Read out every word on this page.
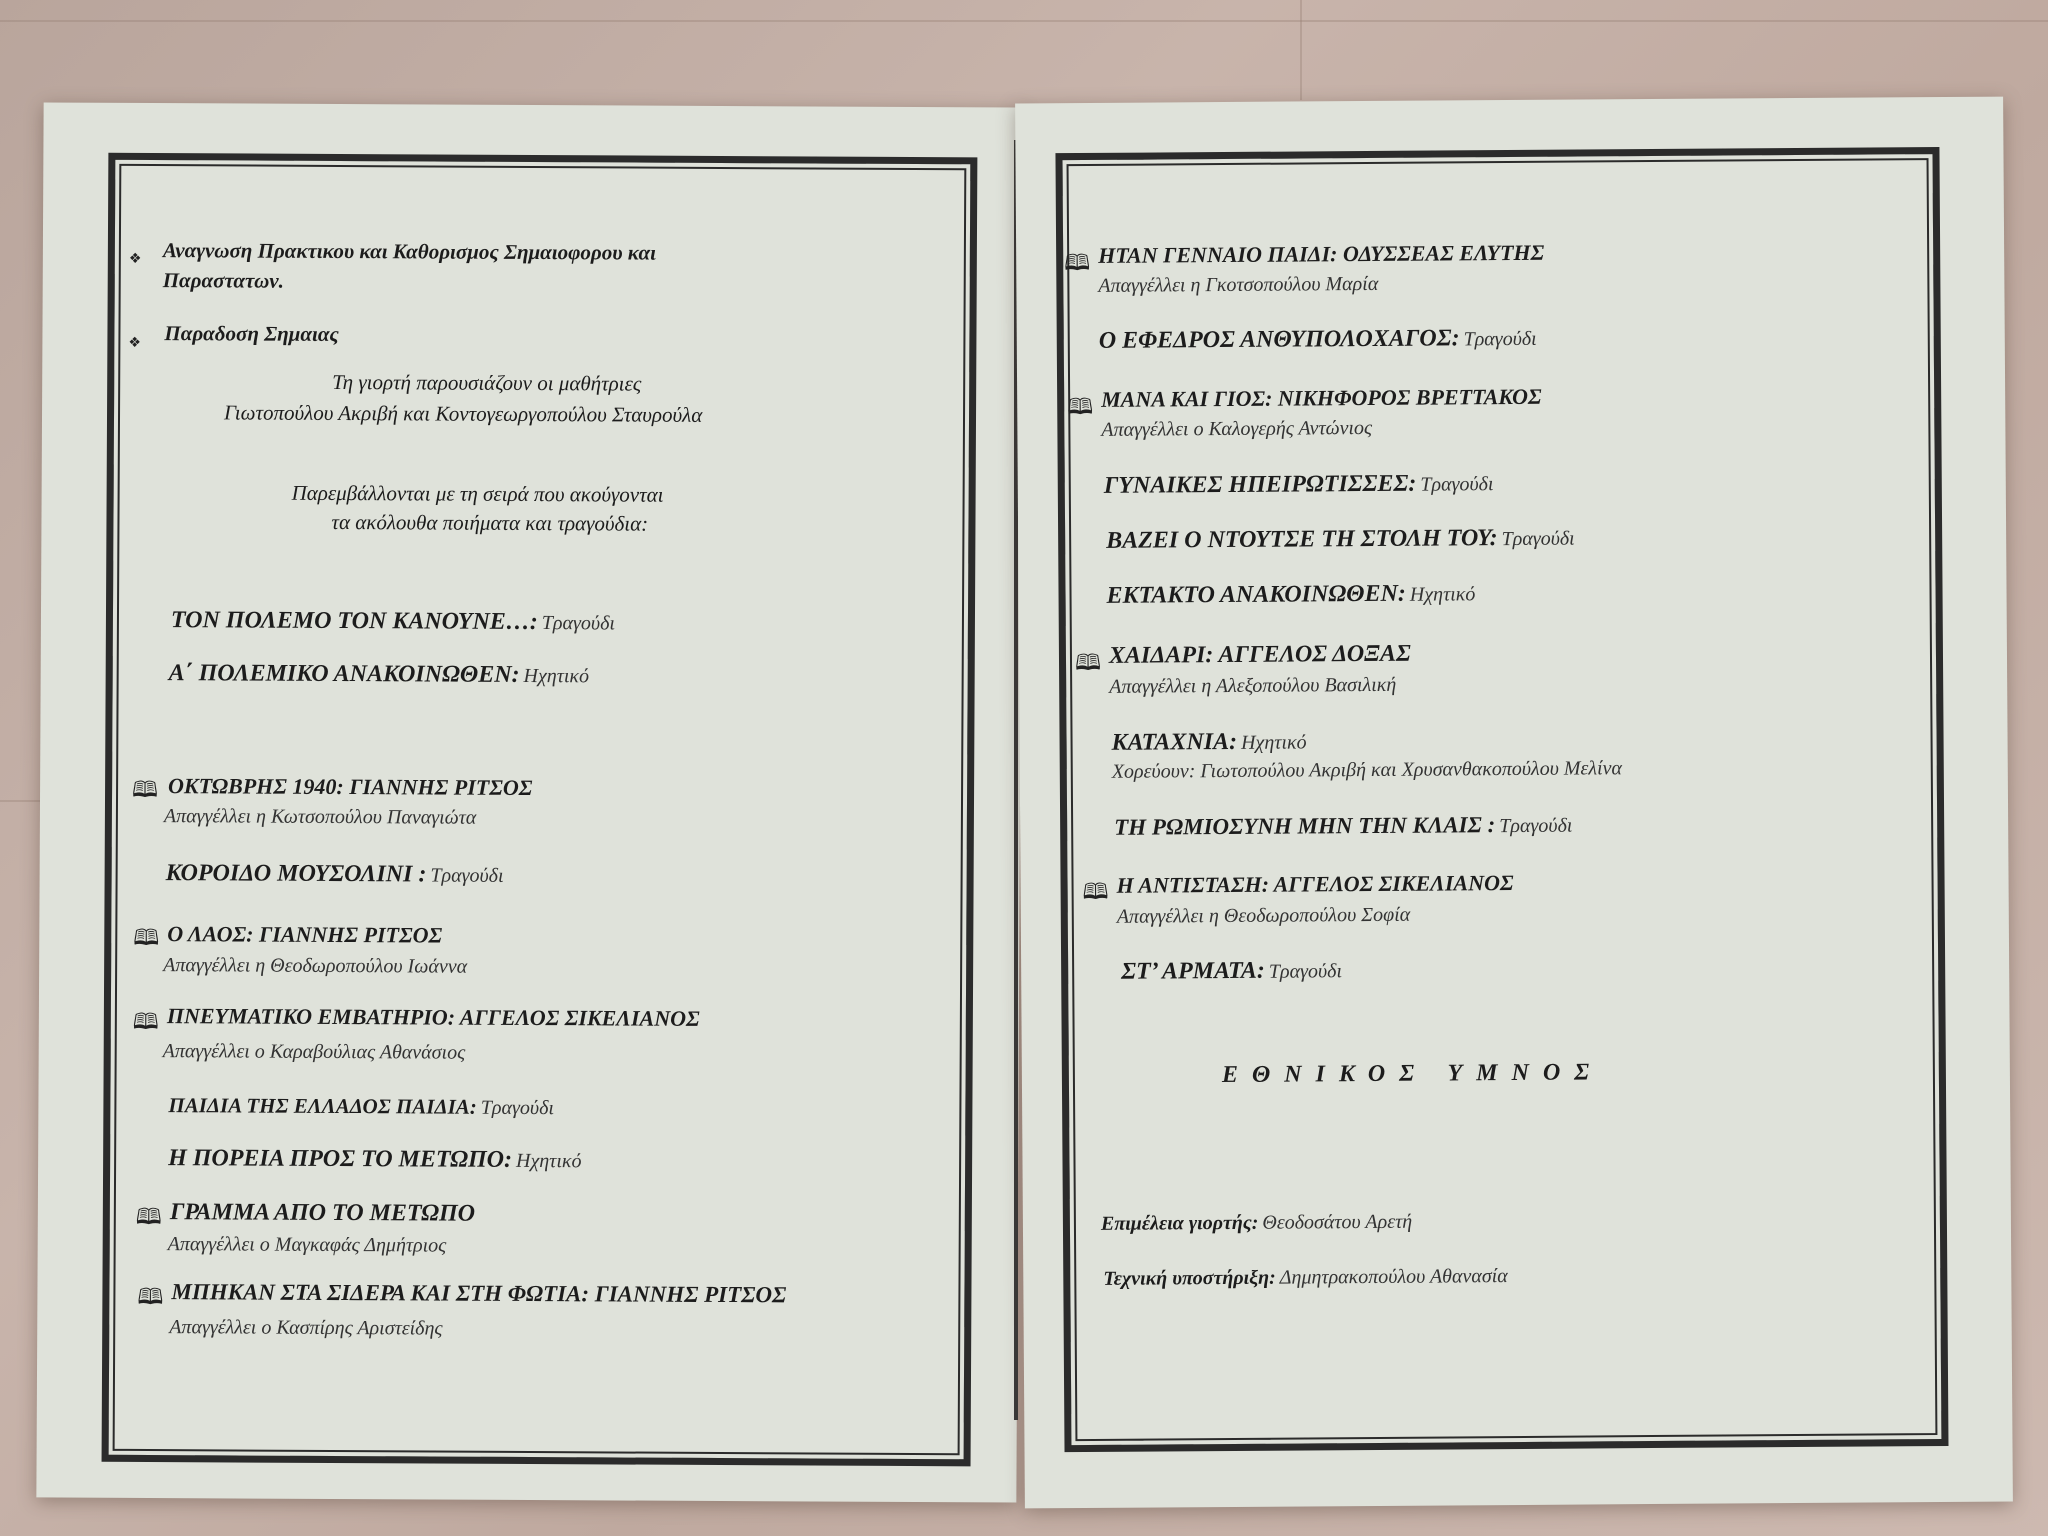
❖ Αναγνωση Πρακτικου και Καθορισμος Σημαιοφορου και
Παραστατων.
❖ Παραδοση Σημαιας
Τη γιορτή παρουσιάζουν οι μαθήτριες
Γιωτοπούλου Ακριβή και Κοντογεωργοπούλου Σταυρούλα
Παρεμβάλλονται με τη σειρά που ακούγονται
τα ακόλουθα ποιήματα και τραγούδια:
ΤΟΝ ΠΟΛΕΜΟ ΤΟΝ ΚΑΝΟΥΝΕ…: Τραγούδι
Α΄ ΠΟΛΕΜΙΚΟ ΑΝΑΚΟΙΝΩΘΕΝ: Ηχητικό
🕮 ΟΚΤΩΒΡΗΣ 1940: ΓΙΑΝΝΗΣ ΡΙΤΣΟΣ
Απαγγέλλει η Κωτσοπούλου Παναγιώτα
ΚΟΡΟΙΔΟ ΜΟΥΣΟΛΙΝΙ : Τραγούδι
🕮 Ο ΛΑΟΣ: ΓΙΑΝΝΗΣ ΡΙΤΣΟΣ
Απαγγέλλει η Θεοδωροπούλου Ιωάννα
🕮 ΠΝΕΥΜΑΤΙΚΟ ΕΜΒΑΤΗΡΙΟ: ΑΓΓΕΛΟΣ ΣΙΚΕΛΙΑΝΟΣ
Απαγγέλλει ο Καραβούλιας Αθανάσιος
ΠΑΙΔΙΑ ΤΗΣ ΕΛΛΑΔΟΣ ΠΑΙΔΙΑ: Τραγούδι
Η ΠΟΡΕΙΑ ΠΡΟΣ ΤΟ ΜΕΤΩΠΟ: Ηχητικό
🕮 ΓΡΑΜΜΑ ΑΠΟ ΤΟ ΜΕΤΩΠΟ
Απαγγέλλει ο Μαγκαφάς Δημήτριος
🕮 ΜΠΗΚΑΝ ΣΤΑ ΣΙΔΕΡΑ ΚΑΙ ΣΤΗ ΦΩΤΙΑ: ΓΙΑΝΝΗΣ ΡΙΤΣΟΣ
Απαγγέλλει ο Κασπίρης Αριστείδης
🕮 ΗΤΑΝ ΓΕΝΝΑΙΟ ΠΑΙΔΙ: ΟΔΥΣΣΕΑΣ ΕΛΥΤΗΣ
Απαγγέλλει η Γκοτσοπούλου Μαρία
Ο ΕΦΕΔΡΟΣ ΑΝΘΥΠΟΛΟΧΑΓΟΣ: Τραγούδι
🕮 ΜΑΝΑ ΚΑΙ ΓΙΟΣ: ΝΙΚΗΦΟΡΟΣ ΒΡΕΤΤΑΚΟΣ
Απαγγέλλει ο Καλογερής Αντώνιος
ΓΥΝΑΙΚΕΣ ΗΠΕΙΡΩΤΙΣΣΕΣ: Τραγούδι
ΒΑΖΕΙ Ο ΝΤΟΥΤΣΕ ΤΗ ΣΤΟΛΗ ΤΟΥ: Τραγούδι
ΕΚΤΑΚΤΟ ΑΝΑΚΟΙΝΩΘΕΝ: Ηχητικό
🕮 ΧΑΙΔΑΡΙ: ΑΓΓΕΛΟΣ ΔΟΞΑΣ
Απαγγέλλει η Αλεξοπούλου Βασιλική
ΚΑΤΑΧΝΙΑ: Ηχητικό
Χορεύουν: Γιωτοπούλου Ακριβή και Χρυσανθακοπούλου Μελίνα
ΤΗ ΡΩΜΙΟΣΥΝΗ ΜΗΝ ΤΗΝ ΚΛΑΙΣ : Τραγούδι
🕮 Η ΑΝΤΙΣΤΑΣΗ: ΑΓΓΕΛΟΣ ΣΙΚΕΛΙΑΝΟΣ
Απαγγέλλει η Θεοδωροπούλου Σοφία
ΣΤ’ ΑΡΜΑΤΑ: Τραγούδι
ΕΘΝΙΚΟΣ ΥΜΝΟΣ
Επιμέλεια γιορτής: Θεοδοσάτου Αρετή
Τεχνική υποστήριξη: Δημητρακοπούλου Αθανασία
